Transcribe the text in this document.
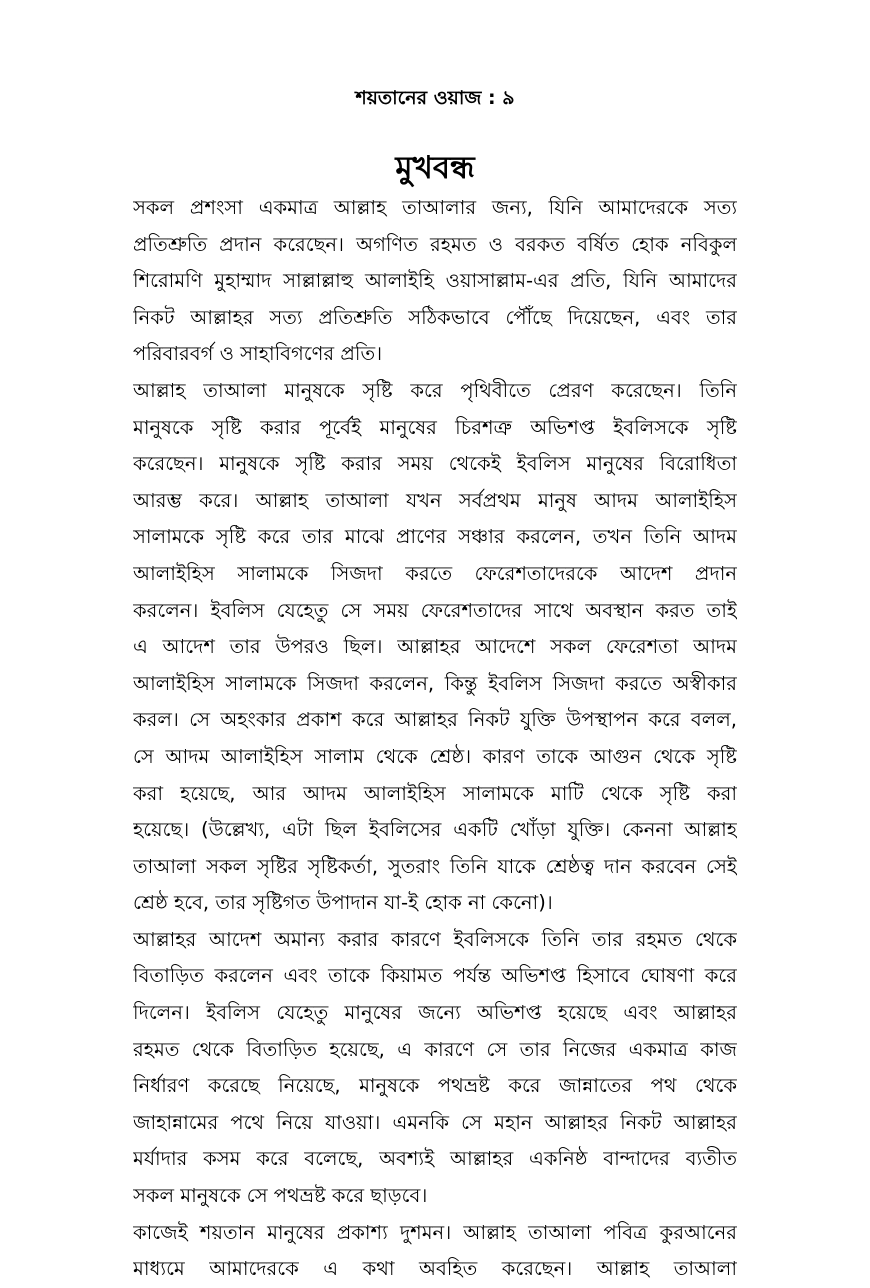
শয়তানের ওয়াজ : ৯
মুখবন্ধ
সকল প্রশংসা একমাত্র আল্লাহ তাআলার জন্য, যিনি আমাদেরকে সত্য
প্রতিশ্রুতি প্রদান করেছেন। অগণিত রহমত ও বরকত বর্ষিত হোক নবিকুল
শিরোমণি মুহাম্মাদ সাল্লাল্লাহু আলাইহি ওয়াসাল্লাম-এর প্রতি, যিনি আমাদের
নিকট আল্লাহর সত্য প্রতিশ্রুতি সঠিকভাবে পৌঁছে দিয়েছেন, এবং তার
পরিবারবর্গ ও সাহাবিগণের প্রতি।
আল্লাহ তাআলা মানুষকে সৃষ্টি করে পৃথিবীতে প্রেরণ করেছেন। তিনি
মানুষকে সৃষ্টি করার পূর্বেই মানুষের চিরশত্রু অভিশপ্ত ইবলিসকে সৃষ্টি
করেছেন। মানুষকে সৃষ্টি করার সময় থেকেই ইবলিস মানুষের বিরোধিতা
আরম্ভ করে। আল্লাহ তাআলা যখন সর্বপ্রথম মানুষ আদম আলাইহিস
সালামকে সৃষ্টি করে তার মাঝে প্রাণের সঞ্চার করলেন, তখন তিনি আদম
আলাইহিস সালামকে সিজদা করতে ফেরেশতাদেরকে আদেশ প্রদান
করলেন। ইবলিস যেহেতু সে সময় ফেরেশতাদের সাথে অবস্থান করত তাই
এ আদেশ তার উপরও ছিল। আল্লাহর আদেশে সকল ফেরেশতা আদম
আলাইহিস সালামকে সিজদা করলেন, কিন্তু ইবলিস সিজদা করতে অস্বীকার
করল। সে অহংকার প্রকাশ করে আল্লাহর নিকট যুক্তি উপস্থাপন করে বলল,
সে আদম আলাইহিস সালাম থেকে শ্রেষ্ঠ। কারণ তাকে আগুন থেকে সৃষ্টি
করা হয়েছে, আর আদম আলাইহিস সালামকে মাটি থেকে সৃষ্টি করা
হয়েছে। (উল্লেখ্য, এটা ছিল ইবলিসের একটি খোঁড়া যুক্তি। কেননা আল্লাহ
তাআলা সকল সৃষ্টির সৃষ্টিকর্তা, সুতরাং তিনি যাকে শ্রেষ্ঠত্ব দান করবেন সেই
শ্রেষ্ঠ হবে, তার সৃষ্টিগত উপাদান যা-ই হোক না কেনো)।
আল্লাহর আদেশ অমান্য করার কারণে ইবলিসকে তিনি তার রহমত থেকে
বিতাড়িত করলেন এবং তাকে কিয়ামত পর্যন্ত অভিশপ্ত হিসাবে ঘোষণা করে
দিলেন। ইবলিস যেহেতু মানুষের জন্যে অভিশপ্ত হয়েছে এবং আল্লাহর
রহমত থেকে বিতাড়িত হয়েছে, এ কারণে সে তার নিজের একমাত্র কাজ
নির্ধারণ করেছে নিয়েছে, মানুষকে পথভ্রষ্ট করে জান্নাতের পথ থেকে
জাহান্নামের পথে নিয়ে যাওয়া। এমনকি সে মহান আল্লাহর নিকট আল্লাহর
মর্যাদার কসম করে বলেছে, অবশ্যই আল্লাহর একনিষ্ঠ বান্দাদের ব্যতীত
সকল মানুষকে সে পথভ্রষ্ট করে ছাড়বে।
কাজেই শয়তান মানুষের প্রকাশ্য দুশমন। আল্লাহ তাআলা পবিত্র কুরআনের
মাধ্যমে আমাদেরকে এ কথা অবহিত করেছেন। আল্লাহ তাআলা
